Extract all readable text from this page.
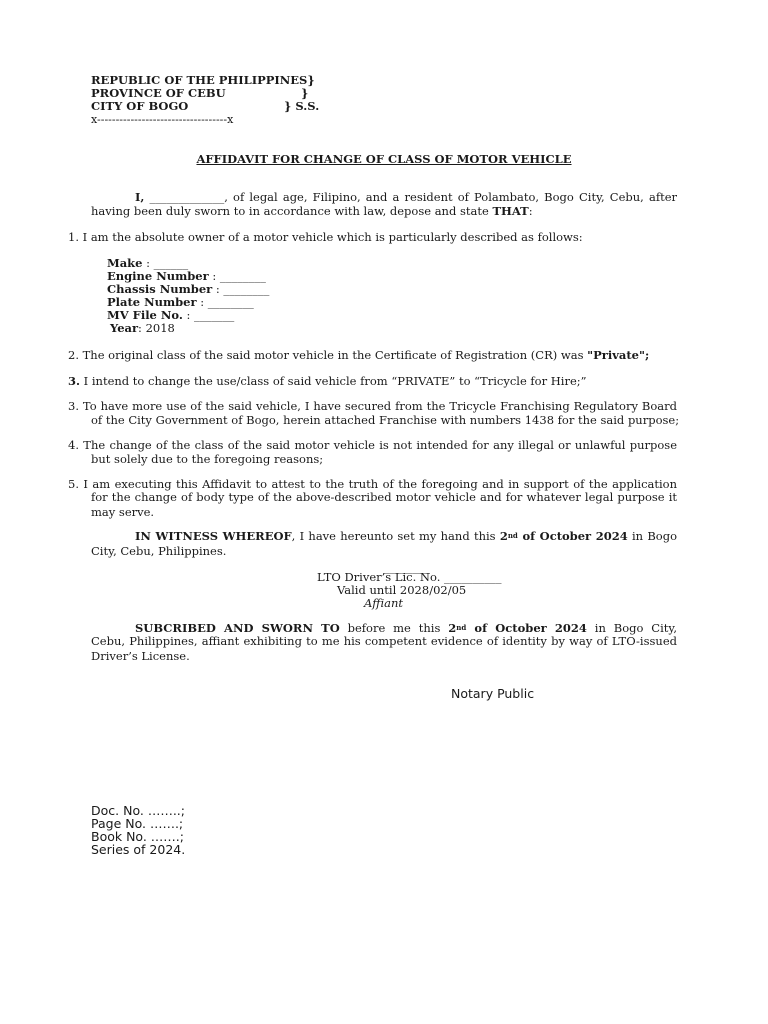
REPUBLIC OF THE PHILIPPINES}
PROVINCE OF CEBU	}
CITY OF BOGO	} S.S.
x-----------------------------------x
AFFIDAVIT FOR CHANGE OF CLASS OF MOTOR VEHICLE
I, _____________, of legal age, Filipino, and a resident of Polambato, Bogo City, Cebu, after
having been duly sworn to in accordance with law, depose and state THAT:
1. I am the absolute owner of a motor vehicle which is particularly described as follows:
Make : ______
Engine Number : ________
Chassis Number : ________
Plate Number : ________
MV File No. : _______
Year: 2018
2. The original class of the said motor vehicle in the Certificate of Registration (CR) was "Private";
3. I intend to change the use/class of said vehicle from “PRIVATE” to “Tricycle for Hire;”
3. To have more use of the said vehicle, I have secured from the Tricycle Franchising Regulatory Board
of the City Government of Bogo, herein attached Franchise with numbers 1438 for the said purpose;
4. The change of the class of the said motor vehicle is not intended for any illegal or unlawful purpose
but solely due to the foregoing reasons;
5. I am executing this Affidavit to attest to the truth of the foregoing and in support of the application
for the change of body type of the above-described motor vehicle and for whatever legal purpose it
may serve.
IN WITNESS WHEREOF, I have hereunto set my hand this 2nd of October 2024 in Bogo
City, Cebu, Philippines.
________
LTO Driver’s Lic. No. __________
Valid until 2028/02/05
Affiant
SUBCRIBED AND SWORN TO before me this 2nd of October 2024 in Bogo City,
Cebu, Philippines, affiant exhibiting to me his competent evidence of identity by way of LTO-issued
Driver’s License.
Notary Public
Doc. No. ……..;
Page No. …….;
Book No. …….;
Series of 2024.
